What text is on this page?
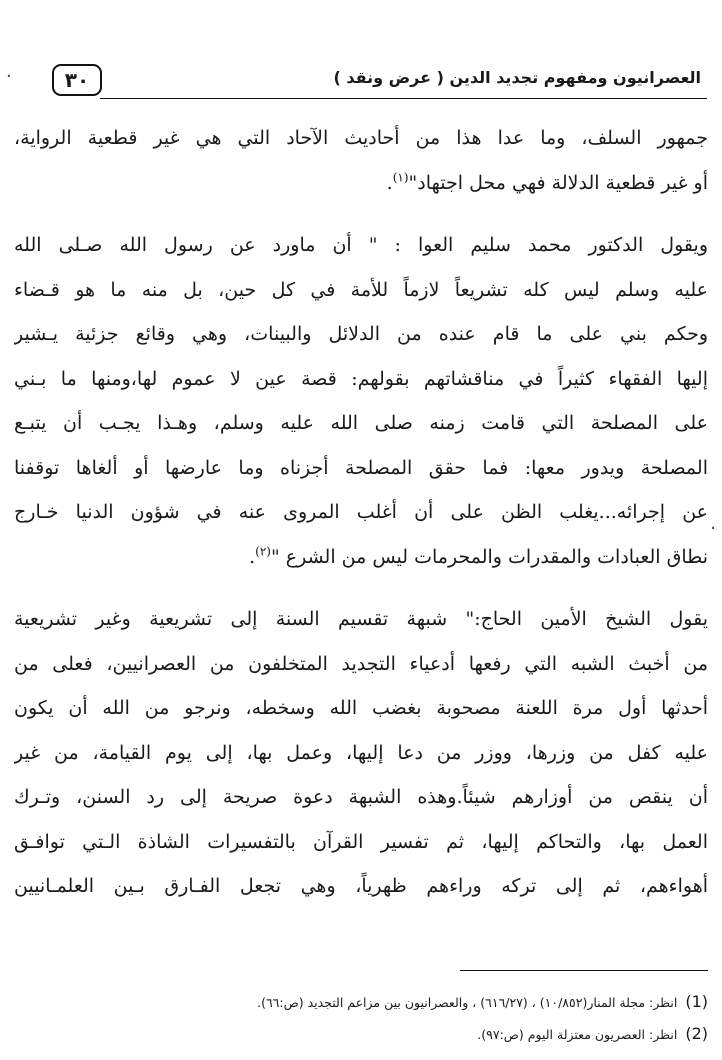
·
·
٣٠	العصرانيون ومفهوم تجديد الدين ( عرض ونقد )
جمهور السلف، وما عدا هذا من أحاديث الآحاد التي هي غير قطعية الرواية،
أو غير قطعية الدلالة فهي محل اجتهاد"$^{(١)}$.
ويقول الدكتور محمد سليم العوا : " أن ماورد عن رسول الله صـلى الله
عليه وسلم ليس كله تشريعاً لازماً للأمة في كل حين، بل منه ما هو قـضاء
وحكم بني على ما قام عنده من الدلائل والبينات، وهي وقائع جزئية يـشير
إليها الفقهاء كثيراً في مناقشاتهم بقولهم: قصة عين لا عموم لها،ومنها ما بـني
على المصلحة التي قامت زمنه صلى الله عليه وسلم، وهـذا يجـب أن يتبـع
المصلحة ويدور معها: فما حقق المصلحة أجزناه وما عارضها أو ألغاها توقفنا
عن إجرائه...يغلب الظن على أن أغلب المروى عنه في شؤون الدنيا خـارج
نطاق العبادات والمقدرات والمحرمات ليس من الشرع "$^{(٢)}$.
يقول الشيخ الأمين الحاج:" شبهة تقسيم السنة إلى تشريعية وغير تشريعية
من أخبث الشبه التي رفعها أدعياء التجديد المتخلفون من العصرانيين، فعلى من
أحدثها أول مرة اللعنة مصحوبة بغضب الله وسخطه، ونرجو من الله أن يكون
عليه كفل من وزرها، ووزر من دعا إليها، وعمل بها، إلى يوم القيامة، من غير
أن ينقص من أوزارهم شيئاً.وهذه الشبهة دعوة صريحة إلى رد السنن، وتـرك
العمل بها، والتحاكم إليها، ثم تفسير القرآن بالتفسيرات الشاذة الـتي توافـق
أهواءهم، ثم إلى تركه وراءهم ظهرياً، وهي تجعل الفـارق بـين العلمـانيين
(1) انظر: مجلة المنار(١٠/٨٥٢) ، (٦١٦/٢٧) ، والعصرانيون بين مزاعم التجديد (ص:٦٦).
(2) انظر: العصريون معتزلة اليوم (ص:٩٧).
